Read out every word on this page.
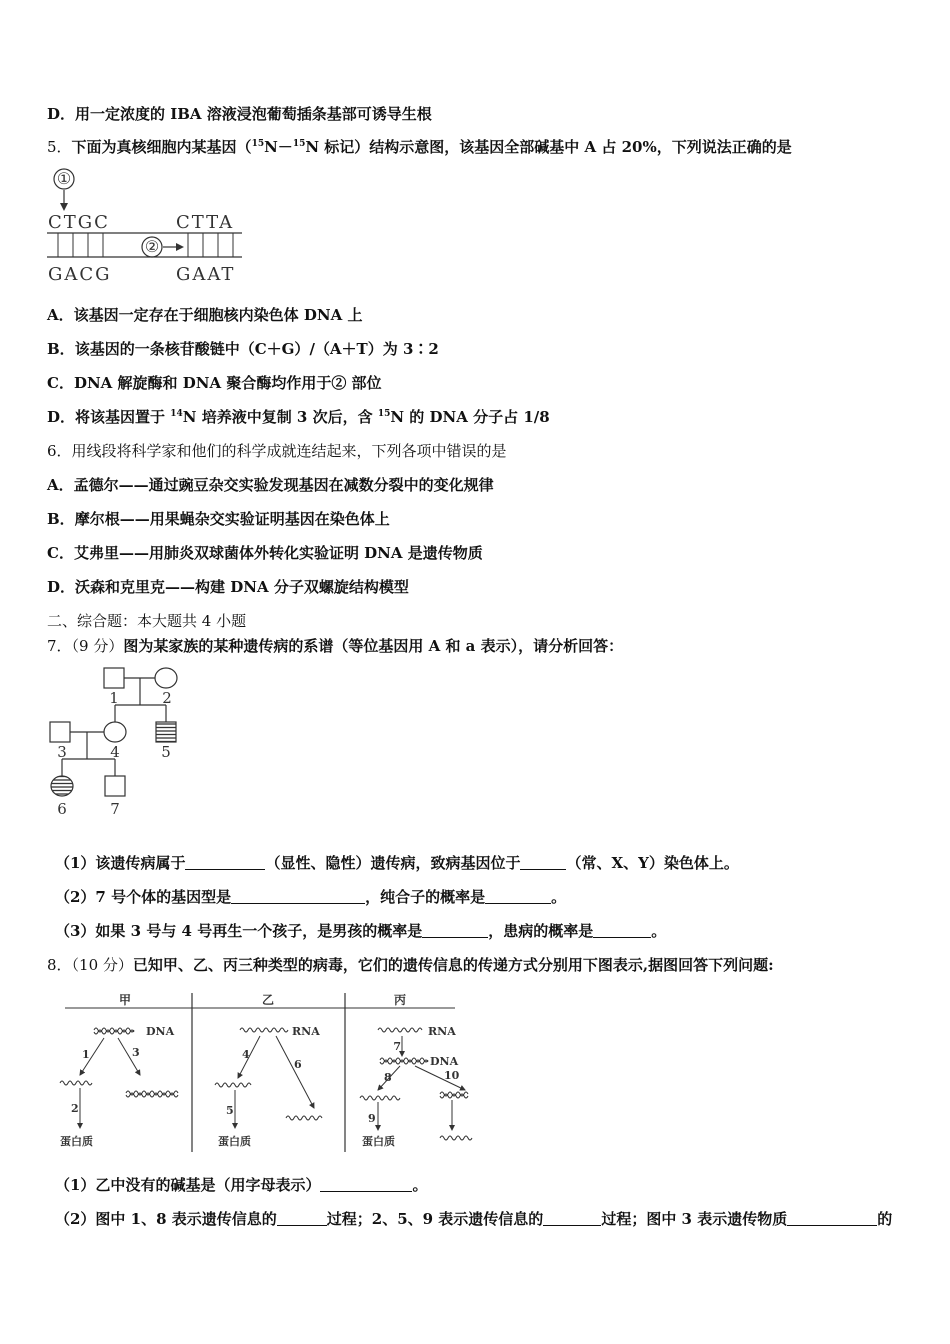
D．用一定浓度的 IBA 溶液浸泡葡萄插条基部可诱导生根
5．下面为真核细胞内某基因（$^{15}$N－$^{15}$N 标记）结构示意图，该基因全部碱基中 A 占 20%，下列说法正确的是
①
CTGC	CTTA
②
GACG	GAAT
A．该基因一定存在于细胞核内染色体 DNA 上
B．该基因的一条核苷酸链中（C＋G）/（A＋T）为 3∶2
C．DNA 解旋酶和 DNA 聚合酶均作用于② 部位
D．将该基因置于 $^{14}$N 培养液中复制 3 次后，含 $^{15}$N 的 DNA 分子占 1/8
6．用线段将科学家和他们的科学成就连结起来，下列各项中错误的是
A．孟德尔——通过豌豆杂交实验发现基因在减数分裂中的变化规律
B．摩尔根——用果蝇杂交实验证明基因在染色体上
C．艾弗里——用肺炎双球菌体外转化实验证明 DNA 是遗传物质
D．沃森和克里克——构建 DNA 分子双螺旋结构模型
二、综合题：本大题共 4 小题
7．（9 分）图为某家族的某种遗传病的系谱（等位基因用 A 和 a 表示），请分析回答：
1	2
3	4	5
6	7
（1）该遗传病属于	（显性、隐性）遗传病，致病基因位于	（常、X、Y）染色体上。
（2）7 号个体的基因型是	，纯合子的概率是	。
（3）如果 3 号与 4 号再生一个孩子，是男孩的概率是	，患病的概率是	。
8．（10 分）已知甲、乙、丙三种类型的病毒，它们的遗传信息的传递方式分别用下图表示,据图回答下列问题:
甲	乙	丙
DNA
1	3
2
蛋白质
RNA
4
6
5
蛋白质
RNA
7
DNA
8	10
9
蛋白质
（1）乙中没有的碱基是（用字母表示）	。
（2）图中 1、8 表示遗传信息的	过程；2、5、9 表示遗传信息的	过程；图中 3 表示遗传物质	的
